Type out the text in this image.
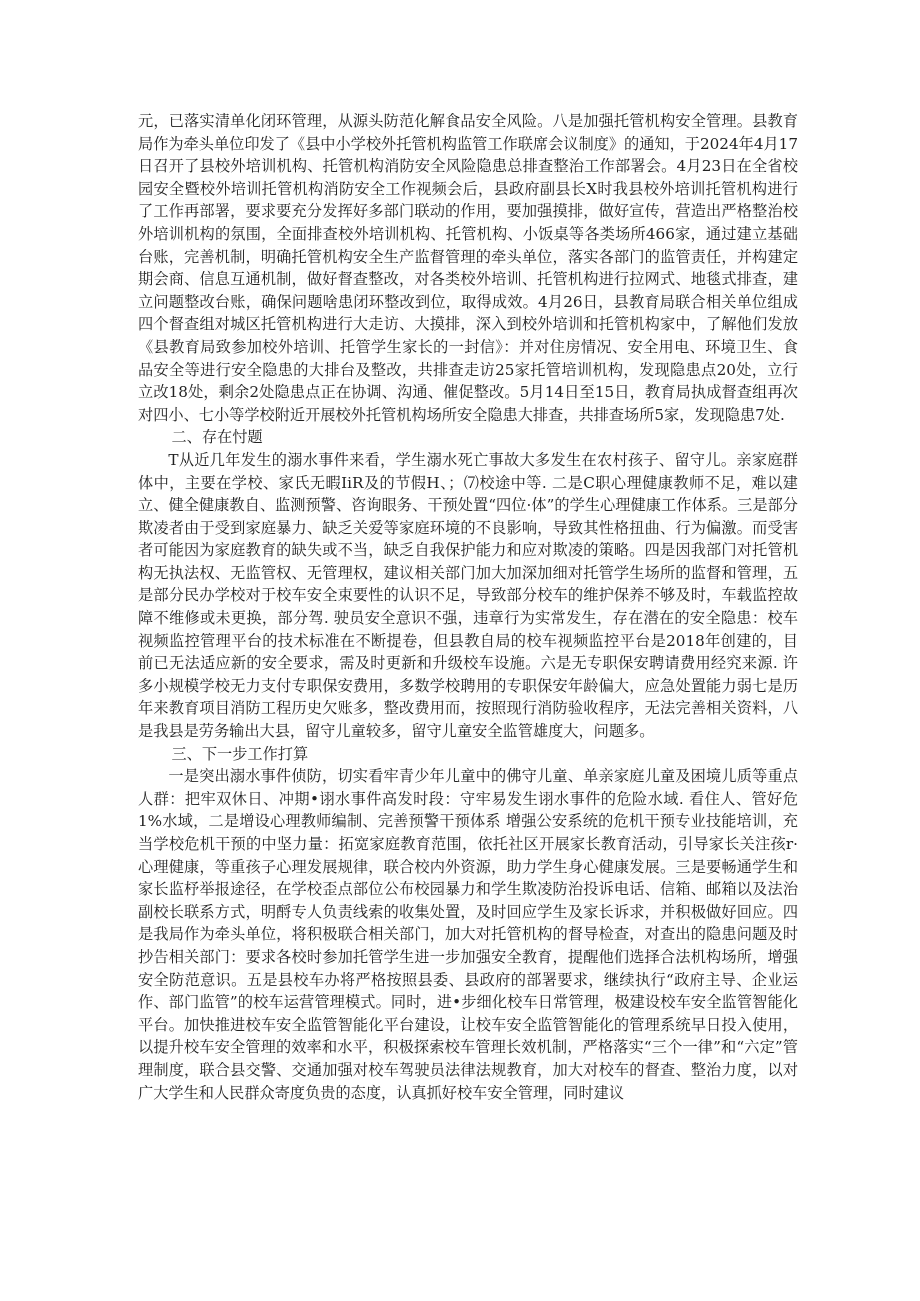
元，已落实清单化闭环管理，从源头防范化解食品安全风险。八是加强托管机构安全管理。县教育局作为牵头单位印发了《县中小学校外托管机构监管工作联席会议制度》的通知，于2024年4月17日召开了县校外培训机构、托管机构消防安全风险隐患总排查整治工作部署会。4月23日在全省校园安全暨校外培训托管机构消防安全工作视频会后，县政府副县长X时我县校外培训托管机构进行了工作再部署，要求要充分发挥好多部门联动的作用，要加强摸排，做好宣传，营造出严格整治校外培训机构的氛围，全面排查校外培训机构、托管机构、小饭桌等各类场所466家，通过建立基础台账，完善机制，明确托管机构安全生产监督管理的牵头单位，落实各部门的监管责任，并构建定期会商、信息互通机制，做好督查整改，对各类校外培训、托管机构进行拉网式、地毯式排查，建立问题整改台账，确保问题啥患闭环整改到位，取得成效。4月26日，县教育局联合相关单位组成四个督查组对城区托管机构进行大走访、大摸排，深入到校外培训和托管机构家中，了解他们发放《县教育局致参加校外培训、托管学生家长的一封信》：并对住房情况、安全用电、环境卫生、食品安全等进行安全隐患的大排台及整改，共排查走访25家托管培训机构，发现隐患点20处，立行立改18处，剩余2处隐患点正在协调、沟通、催促整改。5月14日至15日，教育局执成督查组再次对四小、七小等学校附近开展校外托管机构场所安全隐患大排查，共排查场所5家，发现隐患7处.

二、存在忖题

T从近几年发生的溺水事件来看，学生溺水死亡事故大多发生在农村孩子、留守儿。亲家庭群体中，主要在学校、家氏无暇IiR及的节假H、；⑺校途中等. 二是C职心理健康教师不足，难以建立、健全健康教自、监测预警、咨询眼务、干预处置“四位·体”的学生心理健康工作体系。三是部分欺凌者由于受到家庭暴力、缺乏关爱等家庭环境的不良影响，导致其性格扭曲、行为偏激。而受害者可能因为家庭教育的缺失或不当，缺乏自我保护能力和应对欺凌的策略。四是因我部门对托管机构无执法权、无监管权、无管理权，建议相关部门加大加深加细对托管学生场所的监督和管理，五是部分民办学校对于校车安全束要性的认识不足，导致部分校车的维护保养不够及时，车载监控故障不维修或未更换，部分驾. 驶员安全意识不强，违章行为实常发生，存在潜在的安全隐患：校车视频监控管理平台的技术标准在不断提卷，但县教自局的校车视频监控平台是2018年创建的，目前已无法适应新的安全要求，需及时更新和升级校车设施。六是无专职保安聘请费用经究来源. 许多小规模学校无力支付专职保安费用，多数学校聘用的专职保安年龄偏大，应急处置能力弱七是历年来教育项目消防工程历史欠账多，整改费用而，按照现行消防验收程序，无法完善相关资料，八是我县是劳务输出大县，留守儿童较多，留守儿童安全监管雄度大，问题多。

三、下一步工作打算

一是突出溺水事件侦防，切实看牢青少年儿童中的佛守儿童、单亲家庭儿童及困境儿质等重点人群：把牢双休日、冲期•诩水事件高发时段：守牢易发生诩水事件的危险水域. 看住人、管好危1%水域，二是增设心理教师编制、完善预警干预体系 增强公安系统的危机干预专业技能培训，充当学校危机干预的中坚力量：拓宽家庭教育范围，依托社区开展家长教育活动，引导家长关注孩r·心理健康，等重孩子心理发展规律，联合校内外资源，助力学生身心健康发展。三是要畅通学生和家长监杼举报途径，在学校歪点部位公布校园暴力和学生欺凌防治投诉电话、信箱、邮箱以及法治副校长联系方式，明酹专人负责线索的收集处置，及时回应学生及家长诉求，并积极做好回应。四是我局作为牵头单位，将积极联合相关部门，加大对托管机构的督导检查，对查出的隐患问题及时抄告相关部门：要求各校时参加托管学生进一步加强安全教育，提醒他们选择合法机构场所，增强安全防范意识。五是县校车办将严格按照县委、县政府的部署要求，继续执行“政府主导、企业运作、部门监管”的校车运营管理模式。同时，进•步细化校车日常管理，极建设校车安全监管智能化平台。加快推进校车安全监管智能化平台建设，让校车安全监管智能化的管理系统早日投入使用，以提升校车安全管理的效率和水平，积极探索校车管理长效机制，严格落实“三个一律”和“六定”管理制度，联合县交警、交通加强对校车驾驶员法律法规教育，加大对校车的督查、整治力度，以对广大学生和人民群众寄度负贵的态度，认真抓好校车安全管理，同时建议
